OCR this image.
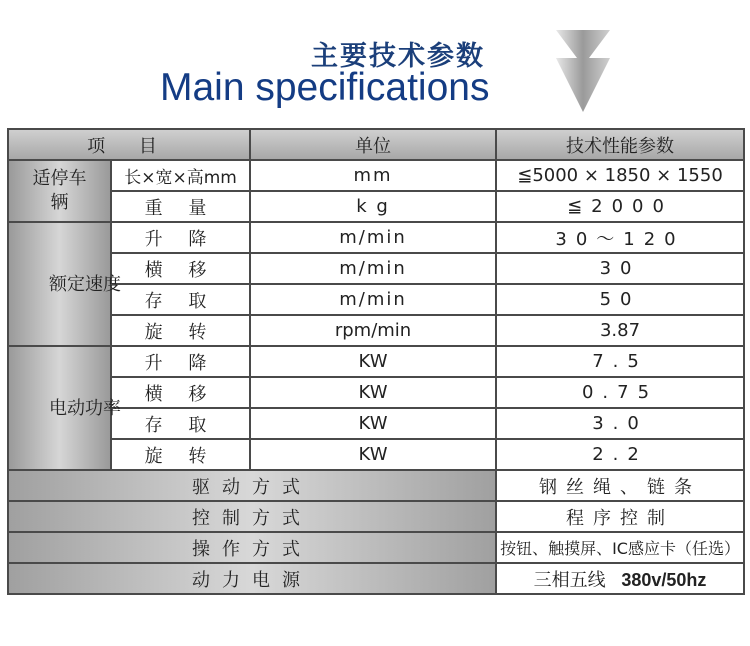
主要技术参数
Main specifications
项 目		单位	技术性能参数
适停车辆	长×宽×高mm	mm	≦5000 × 1850 × 1550
	重 量	k g	≦2000
额定速度	升 降	m/min	30～120
	横 移	m/min	30
	存 取	m/min	50
	旋 转	rpm/min	3.87
电动功率	升 降	KW	7.5
	横 移	KW	0.75
	存 取	KW	3.0
	旋 转	KW	2.2
驱动方式			钢丝绳、链条
控制方式			程序控制
操作方式			按钮、触摸屏、IC感应卡（任选）
动力电源			三相五线 380v/50hz
